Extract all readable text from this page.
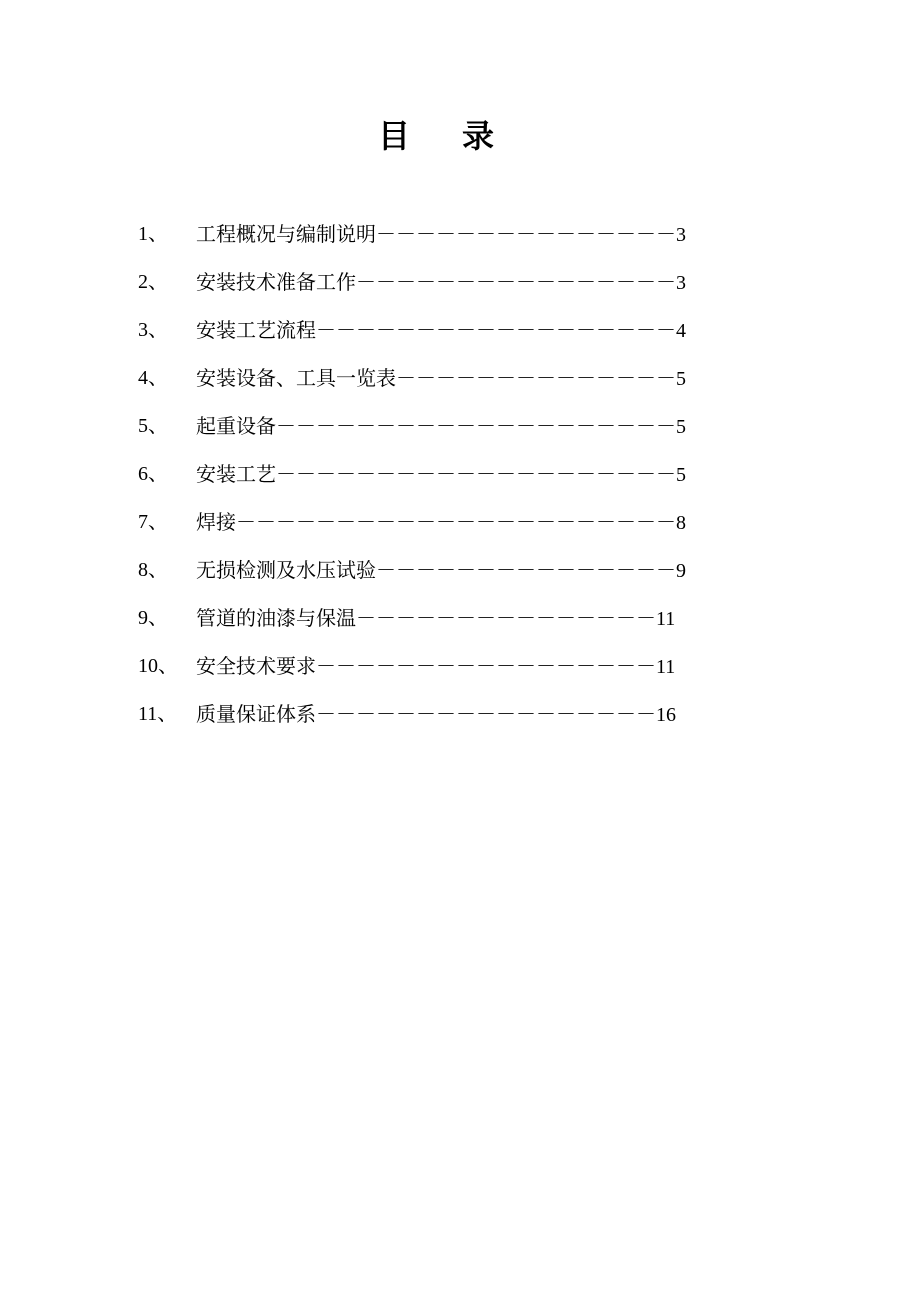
目 录
1、	工程概况与编制说明－－－－－－－－－－－－－－－3
2、	安装技术准备工作－－－－－－－－－－－－－－－－3
3、	安装工艺流程－－－－－－－－－－－－－－－－－－4
4、	安装设备、工具一览表－－－－－－－－－－－－－－5
5、	起重设备－－－－－－－－－－－－－－－－－－－－5
6、	安装工艺－－－－－－－－－－－－－－－－－－－－5
7、	焊接－－－－－－－－－－－－－－－－－－－－－－8
8、	无损检测及水压试验－－－－－－－－－－－－－－－9
9、	管道的油漆与保温－－－－－－－－－－－－－－－11
10、 安全技术要求－－－－－－－－－－－－－－－－－11
11、 质量保证体系－－－－－－－－－－－－－－－－－16
